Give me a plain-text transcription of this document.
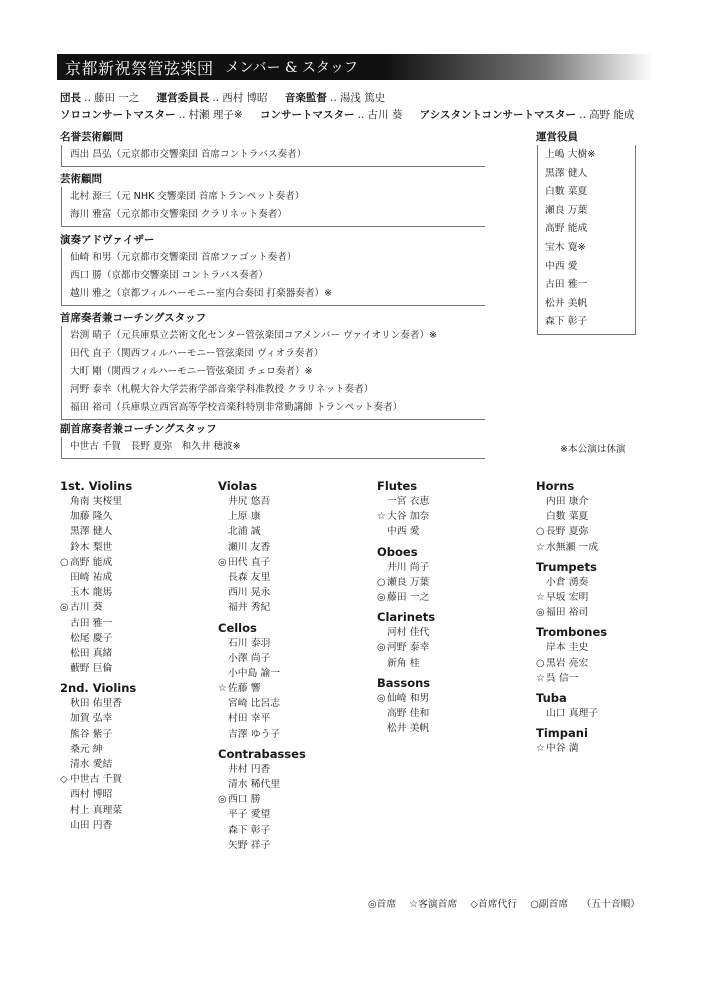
京都新祝祭管弦楽団 メンバー & スタッフ
団長 ‥ 藤田 一之 運営委員長 ‥ 西村 博昭 音楽監督 ‥ 湯浅 篤史
ソロコンサートマスター ‥ 村瀬 理子※ コンサートマスター ‥ 古川 葵 アシスタントコンサートマスター ‥ 高野 能成
名誉芸術顧問
西出 昌弘（元京都市交響楽団 首席コントラバス奏者）
芸術顧問
北村 源三（元 NHK 交響楽団 首席トランペット奏者）
海川 雅富（元京都市交響楽団 クラリネット奏者）
演奏アドヴァイザー
仙崎 和男（元京都市交響楽団 首席ファゴット奏者）
西口 勝（京都市交響楽団 コントラバス奏者）
越川 雅之（京都フィルハーモニー室内合奏団 打楽器奏者）※
首席奏者兼コーチングスタッフ
岩渕 晴子（元兵庫県立芸術文化センター管弦楽団コアメンバー ヴァイオリン奏者）※
田代 直子（関西フィルハーモニー管弦楽団 ヴィオラ奏者）
大町 剛（関西フィルハーモニー管弦楽団 チェロ奏者）※
河野 泰幸（札幌大谷大学芸術学部音楽学科准教授 クラリネット奏者）
福田 裕司（兵庫県立西宮高等学校音楽科特別非常勤講師 トランペット奏者）
副首席奏者兼コーチングスタッフ
中世古 千賀　長野 夏弥　和久井 穂波※
運営役員
上嶋 大樹※
黒澤 健人
白數 菜夏
瀬良 万葉
高野 能成
宝木 寛※
中西 愛
古田 雅一
松井 美帆
森下 彰子
※本公演は休演
1st. Violins
角南 実桜里
加藤 隆久
黒澤 健人
鈴木 梨世
○高野 能成
田崎 祐成
玉木 龍馬
◎古川 葵
古田 雅一
松尾 慶子
松田 真緒
藪野 巨倫
2nd. Violins
秋田 佑里香
加賀 弘幸
熊谷 紫子
桑元 紳
清水 愛結
◇ 中世古 千賀
西村 博昭
村上 真理菜
山田 円香
Violas
井尻 悠吾
上原 康
北浦 誠
瀬川 友香
◎田代 直子
長森 友里
西川 晃永
福井 秀紀
Cellos
石川 泰羽
小澤 尚子
小中島 諭一
☆佐藤 響
宮崎 比呂志
村田 幸平
吉澤 ゆう子
Contrabasses
井村 円香
清水 稀代里
◎西口 勝
平子 愛望
森下 彰子
矢野 祥子
Flutes
一宮 衣恵
☆大谷 加奈
中西 愛
Oboes
井川 尚子
○瀬良 万葉
◎藤田 一之
Clarinets
河村 佳代
◎河野 泰幸
新角 桂
Bassons
◎仙崎 和男
高野 佳和
松井 美帆
Horns
内田 康介
白數 菜夏
○長野 夏弥
☆水無瀬 一成
Trumpets
小倉 湧奏
☆早坂 宏明
◎福田 裕司
Trombones
岸本 圭史
○黒岩 亮宏
☆呉 信一
Tuba
山口 真理子
Timpani
☆中谷 満
◎首席 ☆客演首席 ◇首席代行 ○副首席 （五十音順）
